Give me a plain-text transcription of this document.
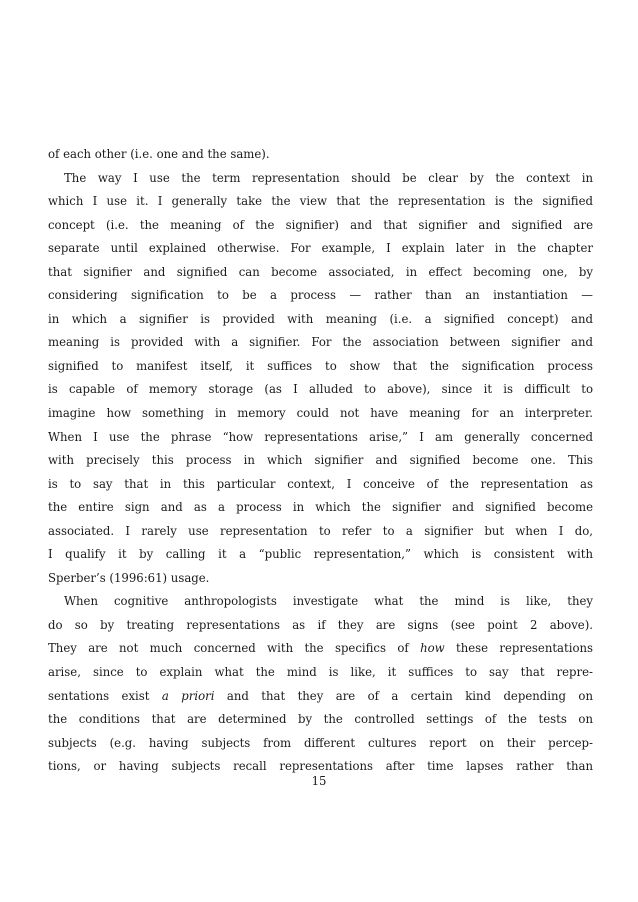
of each other (i.e. one and the same).
The way I use the term representation should be clear by the context in
which I use it. I generally take the view that the representation is the signified
concept (i.e. the meaning of the signifier) and that signifier and signified are
separate until explained otherwise. For example, I explain later in the chapter
that signifier and signified can become associated, in effect becoming one, by
considering signification to be a process — rather than an instantiation —
in which a signifier is provided with meaning (i.e. a signified concept) and
meaning is provided with a signifier. For the association between signifier and
signified to manifest itself, it suffices to show that the signification process
is capable of memory storage (as I alluded to above), since it is difficult to
imagine how something in memory could not have meaning for an interpreter.
When I use the phrase “how representations arise,” I am generally concerned
with precisely this process in which signifier and signified become one. This
is to say that in this particular context, I conceive of the representation as
the entire sign and as a process in which the signifier and signified become
associated. I rarely use representation to refer to a signifier but when I do,
I qualify it by calling it a “public representation,” which is consistent with
Sperber’s (1996:61) usage.
When cognitive anthropologists investigate what the mind is like, they
do so by treating representations as if they are signs (see point 2 above).
They are not much concerned with the specifics of how these representations
arise, since to explain what the mind is like, it suffices to say that repre-
sentations exist a priori and that they are of a certain kind depending on
the conditions that are determined by the controlled settings of the tests on
subjects (e.g. having subjects from different cultures report on their percep-
tions, or having subjects recall representations after time lapses rather than
15
